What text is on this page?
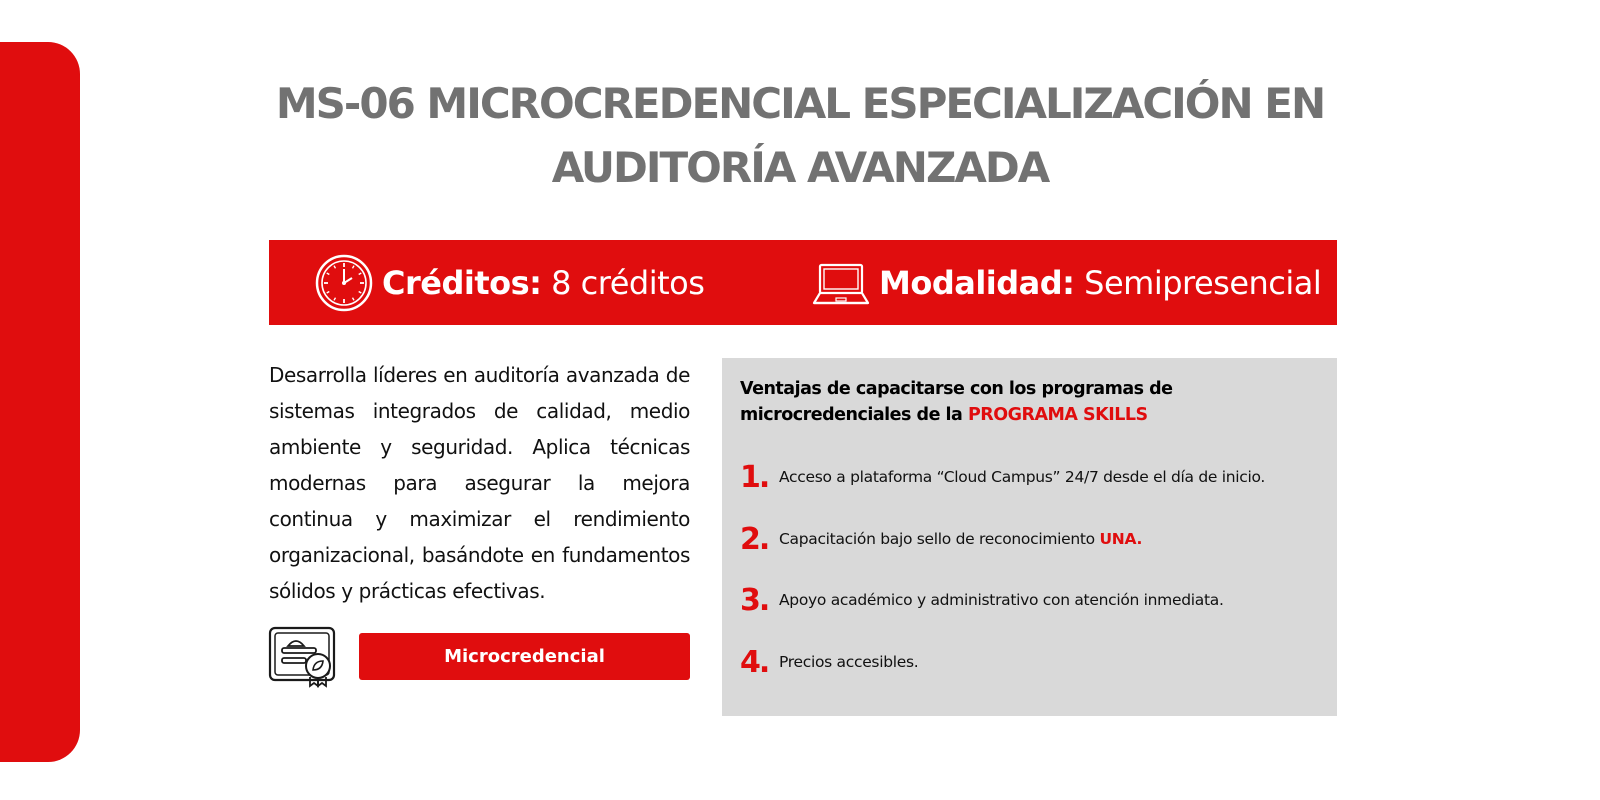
MS-06 MICROCREDENCIAL ESPECIALIZACIÓN EN AUDITORÍA AVANZADA
Créditos: 8 créditos	Modalidad: Semipresencial

Desarrolla líderes en auditoría avanzada de sistemas integrados de calidad, medio ambiente y seguridad. Aplica técnicas modernas para asegurar la mejora continua y maximizar el rendimiento organizacional, basándote en fundamentos sólidos y prácticas efectivas.

Microcredencial

Ventajas de capacitarse con los programas de microcredenciales de la PROGRAMA SKILLS

1. Acceso a plataforma “Cloud Campus” 24/7 desde el día de inicio.
2. Capacitación bajo sello de reconocimiento UNA.
3. Apoyo académico y administrativo con atención inmediata.
4. Precios accesibles.
